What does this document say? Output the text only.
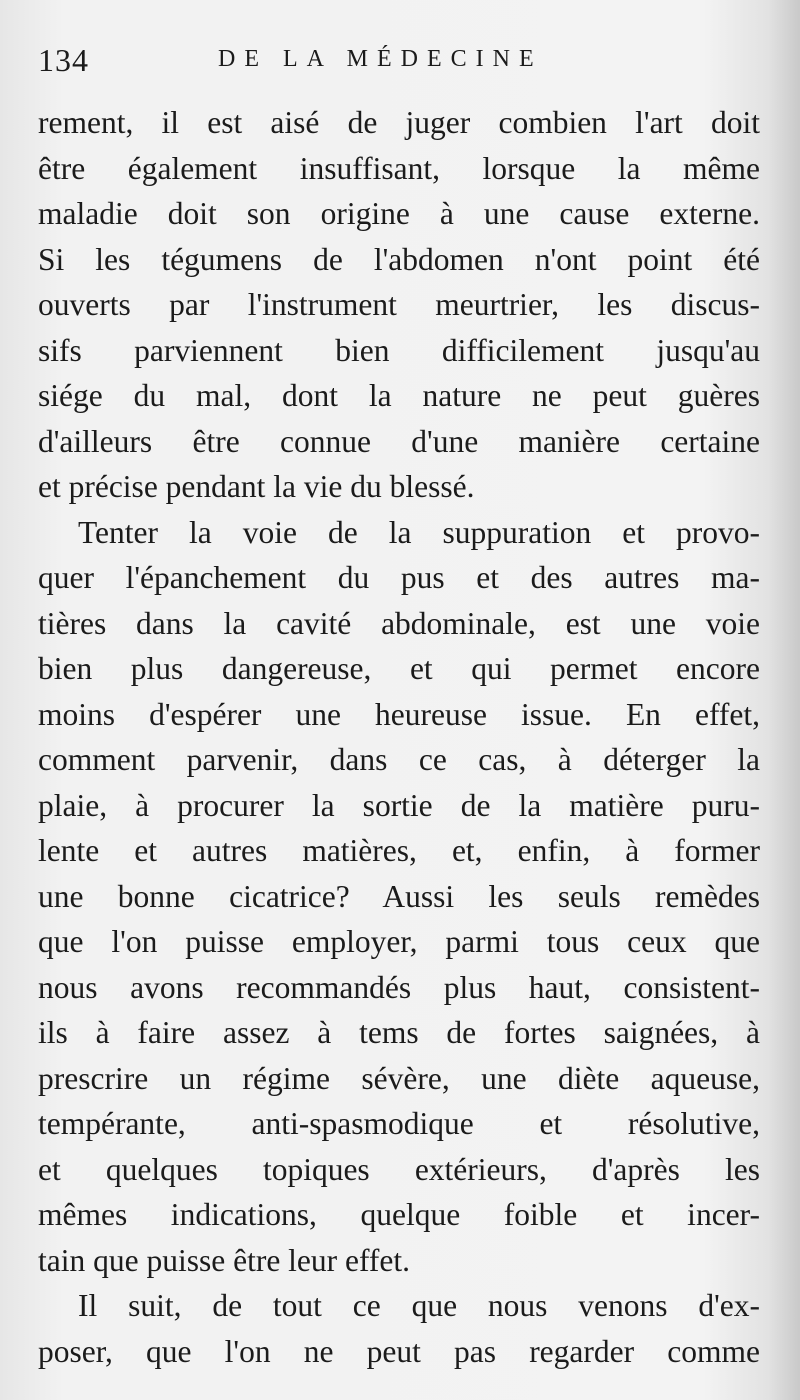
134	DE LA MÉDECINE
rement, il est aisé de juger combien l'art doit
être également insuffisant, lorsque la même
maladie doit son origine à une cause externe.
Si les tégumens de l'abdomen n'ont point été
ouverts par l'instrument meurtrier, les discus-
sifs parviennent bien difficilement jusqu'au
siége du mal, dont la nature ne peut guères
d'ailleurs être connue d'une manière certaine
et précise pendant la vie du blessé.
Tenter la voie de la suppuration et provo-
quer l'épanchement du pus et des autres ma-
tières dans la cavité abdominale, est une voie
bien plus dangereuse, et qui permet encore
moins d'espérer une heureuse issue. En effet,
comment parvenir, dans ce cas, à déterger la
plaie, à procurer la sortie de la matière puru-
lente et autres matières, et, enfin, à former
une bonne cicatrice? Aussi les seuls remèdes
que l'on puisse employer, parmi tous ceux que
nous avons recommandés plus haut, consistent-
ils à faire assez à tems de fortes saignées, à
prescrire un régime sévère, une diète aqueuse,
tempérante, anti-spasmodique et résolutive,
et quelques topiques extérieurs, d'après les
mêmes indications, quelque foible et incer-
tain que puisse être leur effet.
Il suit, de tout ce que nous venons d'ex-
poser, que l'on ne peut pas regarder comme
